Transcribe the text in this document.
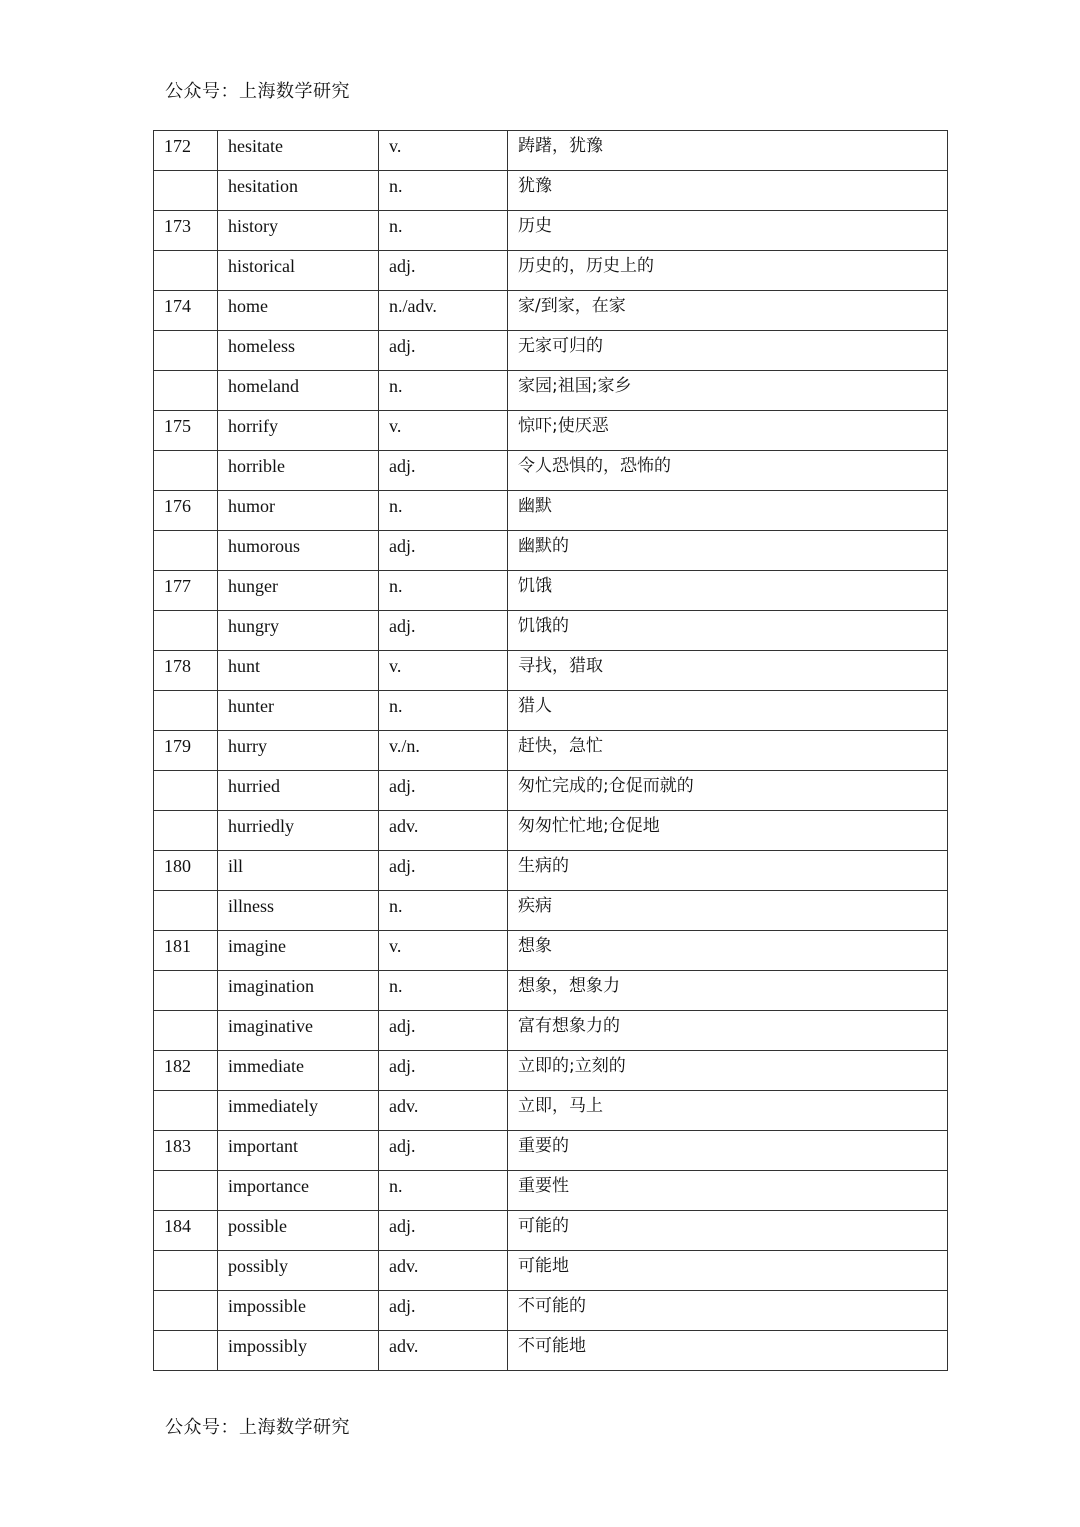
公众号：上海数学研究
172	hesitate	v.	踌躇，犹豫
	hesitation	n.	犹豫
173	history	n.	历史
	historical	adj.	历史的，历史上的
174	home	n./adv.	家/到家，在家
	homeless	adj.	无家可归的
	homeland	n.	家园;祖国;家乡
175	horrify	v.	惊吓;使厌恶
	horrible	adj.	令人恐惧的，恐怖的
176	humor	n.	幽默
	humorous	adj.	幽默的
177	hunger	n.	饥饿
	hungry	adj.	饥饿的
178	hunt	v.	寻找，猎取
	hunter	n.	猎人
179	hurry	v./n.	赶快，急忙
	hurried	adj.	匆忙完成的;仓促而就的
	hurriedly	adv.	匆匆忙忙地;仓促地
180	ill	adj.	生病的
	illness	n.	疾病
181	imagine	v.	想象
	imagination	n.	想象，想象力
	imaginative	adj.	富有想象力的
182	immediate	adj.	立即的;立刻的
	immediately	adv.	立即，马上
183	important	adj.	重要的
	importance	n.	重要性
184	possible	adj.	可能的
	possibly	adv.	可能地
	impossible	adj.	不可能的
	impossibly	adv.	不可能地
公众号：上海数学研究
